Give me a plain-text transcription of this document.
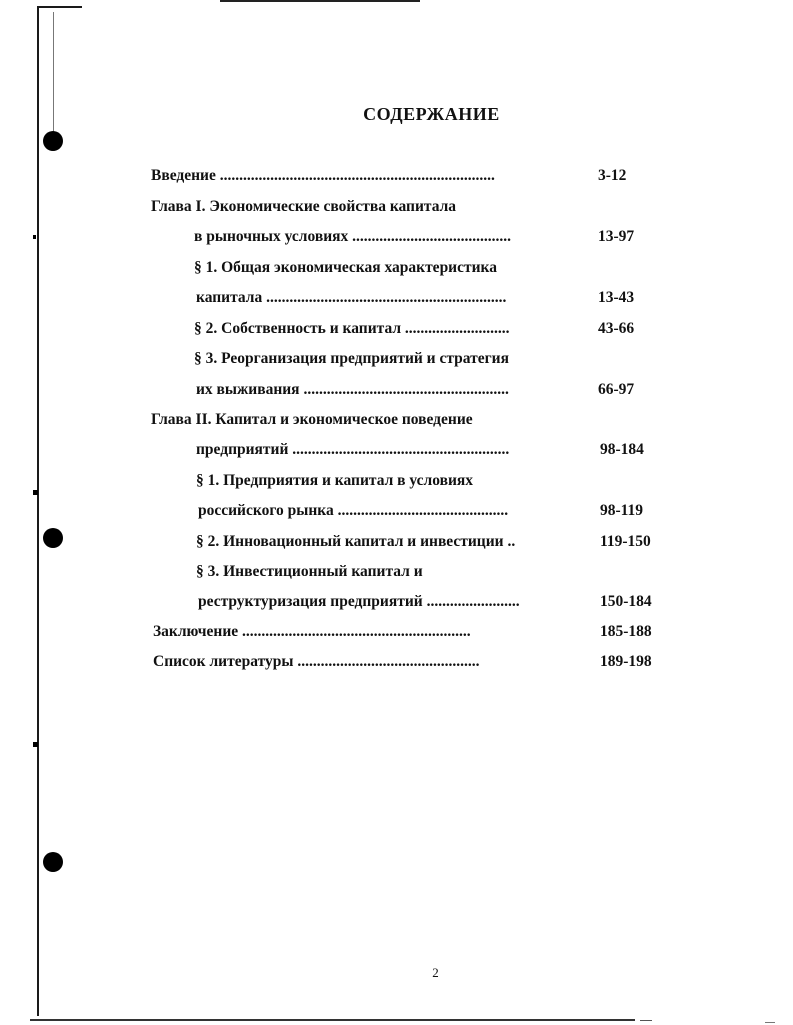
СОДЕРЖАНИЕ
Введение .......................................................................	3-12
Глава I. Экономические свойства капитала
в рыночных условиях .........................................	13-97
§ 1. Общая экономическая характеристика
капитала ..............................................................	13-43
§ 2. Собственность и капитал ...........................	43-66
§ 3. Реорганизация предприятий и стратегия
их выживания .....................................................	66-97
Глава II. Капитал и экономическое поведение
предприятий ........................................................	98-184
§ 1. Предприятия и капитал в условиях
российского рынка ............................................	98-119
§ 2. Инновационный капитал и инвестиции ..	119-150
§ 3. Инвестиционный капитал и
реструктуризация предприятий ........................	150-184
Заключение ...........................................................	185-188
Список литературы ...............................................	189-198
2
